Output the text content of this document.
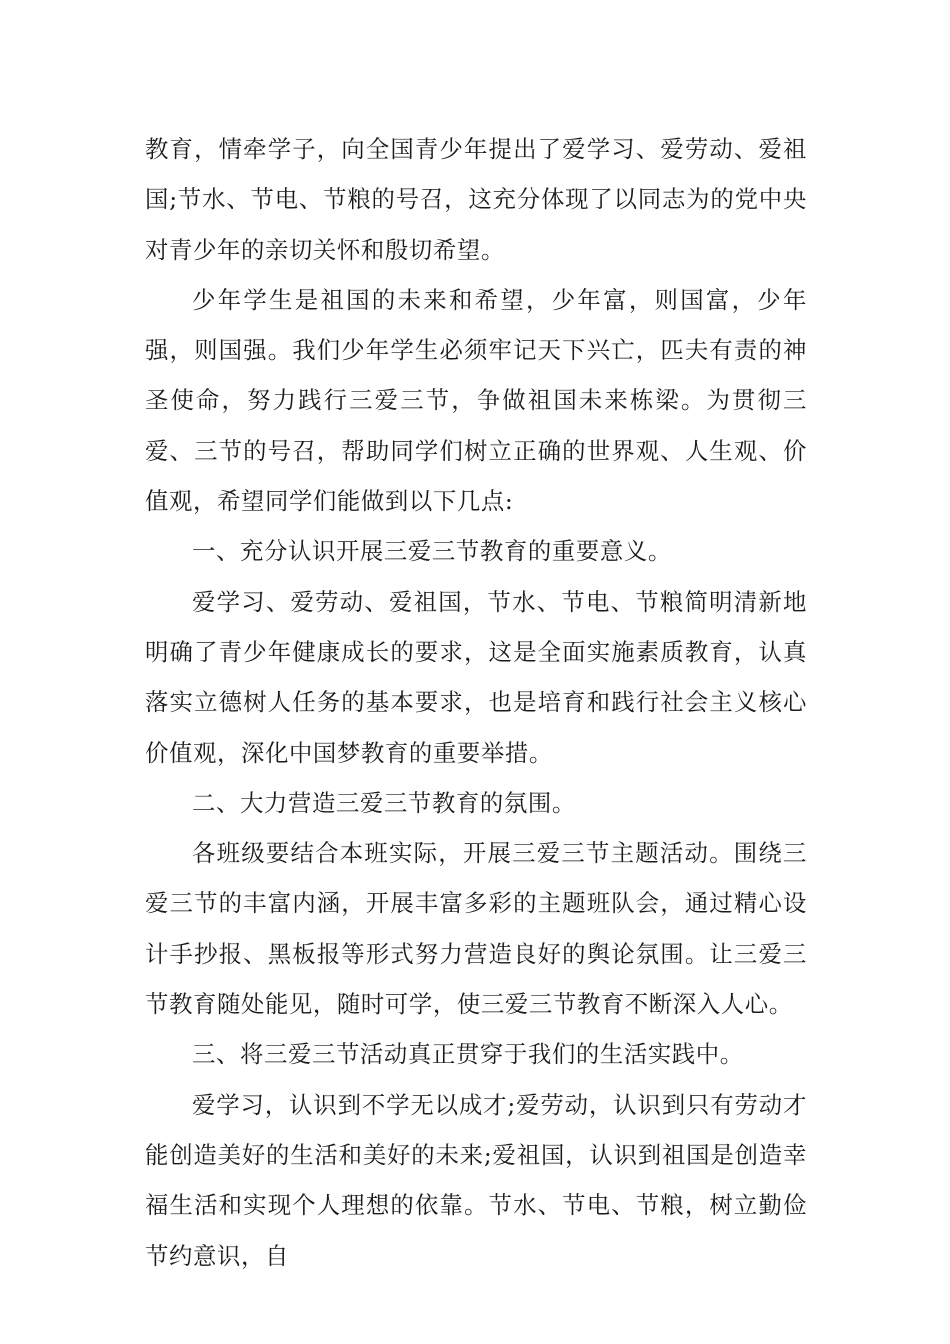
教育，情牵学子，向全国青少年提出了爱学习、爱劳动、爱祖国;节水、节电、节粮的号召，这充分体现了以同志为的党中央对青少年的亲切关怀和殷切希望。

少年学生是祖国的未来和希望，少年富，则国富，少年强，则国强。我们少年学生必须牢记天下兴亡，匹夫有责的神圣使命，努力践行三爱三节，争做祖国未来栋梁。为贯彻三爱、三节的号召，帮助同学们树立正确的世界观、人生观、价值观，希望同学们能做到以下几点:

一、充分认识开展三爱三节教育的重要意义。

爱学习、爱劳动、爱祖国，节水、节电、节粮简明清新地明确了青少年健康成长的要求，这是全面实施素质教育，认真落实立德树人任务的基本要求，也是培育和践行社会主义核心价值观，深化中国梦教育的重要举措。

二、大力营造三爱三节教育的氛围。

各班级要结合本班实际，开展三爱三节主题活动。围绕三爱三节的丰富内涵，开展丰富多彩的主题班队会，通过精心设计手抄报、黑板报等形式努力营造良好的舆论氛围。让三爱三节教育随处能见，随时可学，使三爱三节教育不断深入人心。

三、将三爱三节活动真正贯穿于我们的生活实践中。

爱学习，认识到不学无以成才;爱劳动，认识到只有劳动才能创造美好的生活和美好的未来;爱祖国，认识到祖国是创造幸福生活和实现个人理想的依靠。节水、节电、节粮，树立勤俭节约意识，自
